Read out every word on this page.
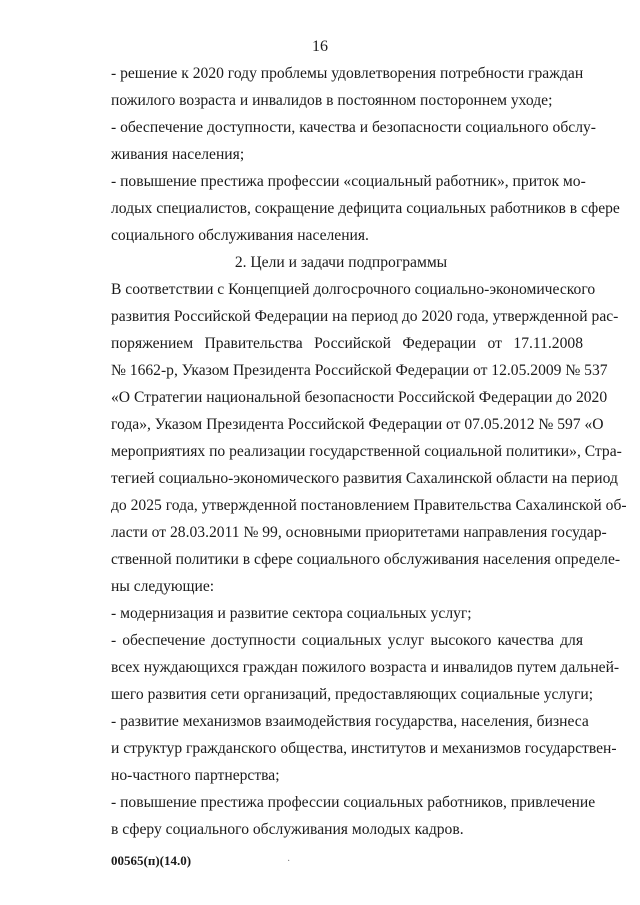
16
- решение к 2020 году проблемы удовлетворения потребности граждан
пожилого возраста и инвалидов в постоянном постороннем уходе;
- обеспечение доступности, качества и безопасности социального обслу-
живания населения;
- повышение престижа профессии «социальный работник», приток мо-
лодых специалистов, сокращение дефицита социальных работников в сфере
социального обслуживания населения.
2. Цели и задачи подпрограммы
В соответствии с Концепцией долгосрочного социально-экономического
развития Российской Федерации на период до 2020 года, утвержденной рас-
поряжением Правительства Российской Федерации от 17.11.2008
№ 1662-р, Указом Президента Российской Федерации от 12.05.2009 № 537
«О Стратегии национальной безопасности Российской Федерации до 2020
года», Указом Президента Российской Федерации от 07.05.2012 № 597 «О
мероприятиях по реализации государственной социальной политики», Стра-
тегией социально-экономического развития Сахалинской области на период
до 2025 года, утвержденной постановлением Правительства Сахалинской об-
ласти от 28.03.2011 № 99, основными приоритетами направления государ-
ственной политики в сфере социального обслуживания населения определе-
ны следующие:
- модернизация и развитие сектора социальных услуг;
- обеспечение доступности социальных услуг высокого качества для
всех нуждающихся граждан пожилого возраста и инвалидов путем дальней-
шего развития сети организаций, предоставляющих социальные услуги;
- развитие механизмов взаимодействия государства, населения, бизнеса
и структур гражданского общества, институтов и механизмов государствен-
но-частного партнерства;
- повышение престижа профессии социальных работников, привлечение
в сферу социального обслуживания молодых кадров.
00565(п)(14.0)	·
